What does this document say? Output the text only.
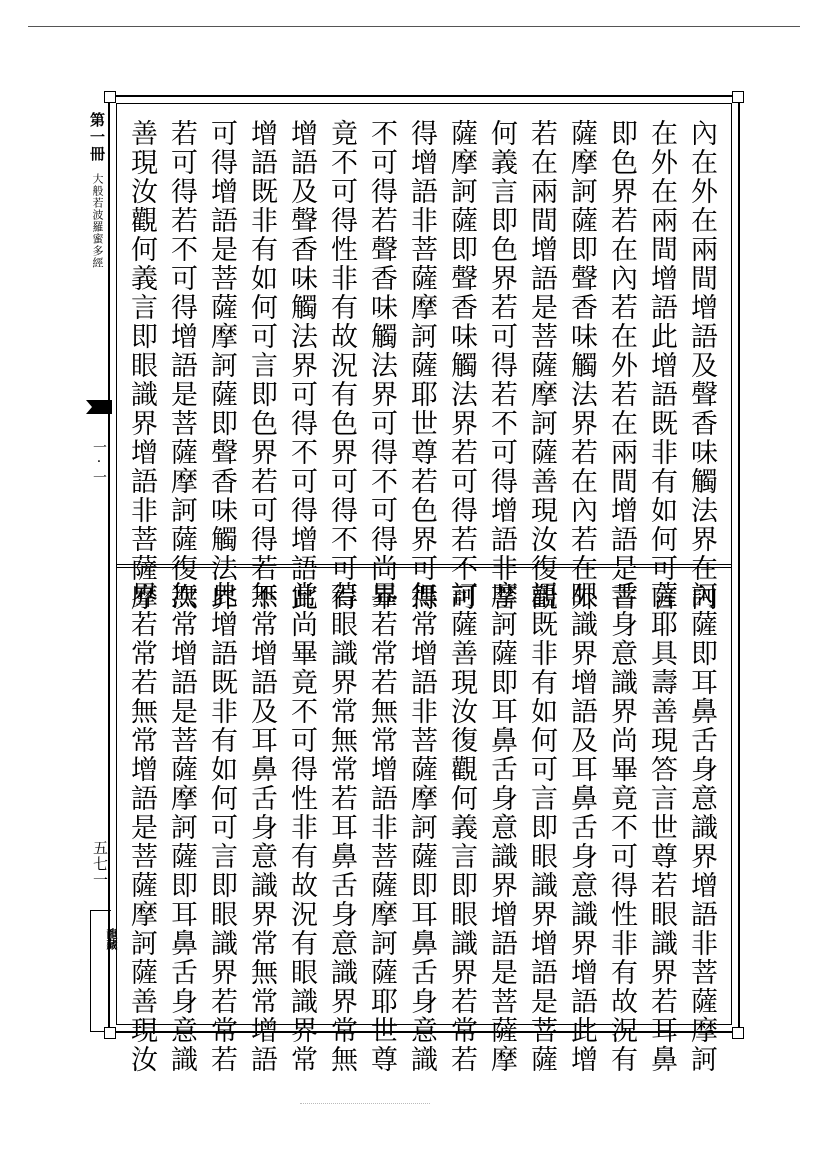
第一冊
大般若波羅蜜多經
一·一
五七一
龍藏
內在外在兩間增語及聲香味觸法界在內
在外在兩間增語此增語既非有如何可言
即色界若在內若在外若在兩間增語是菩
薩摩訶薩即聲香味觸法界若在內若在外
若在兩間增語是菩薩摩訶薩善現汝復觀
何義言即色界若可得若不可得增語非菩
薩摩訶薩即聲香味觸法界若可得若不可
得增語非菩薩摩訶薩耶世尊若色界可得
不可得若聲香味觸法界可得不可得尚畢
竟不可得性非有故況有色界可得不可得
增語及聲香味觸法界可得不可得增語此
增語既非有如何可言即色界若可得若不
可得增語是菩薩摩訶薩即聲香味觸法界
若可得若不可得增語是菩薩摩訶薩復次
善現汝觀何義言即眼識界增語非菩薩摩
訶薩即耳鼻舌身意識界增語非菩薩摩訶
薩耶具壽善現答言世尊若眼識界若耳鼻
舌身意識界尚畢竟不可得性非有故況有
眼識界增語及耳鼻舌身意識界增語此增
語既非有如何可言即眼識界增語是菩薩
摩訶薩即耳鼻舌身意識界增語是菩薩摩
訶薩善現汝復觀何義言即眼識界若常若
無常增語非菩薩摩訶薩即耳鼻舌身意識
界若常若無常增語非菩薩摩訶薩耶世尊
若眼識界常無常若耳鼻舌身意識界常無
常尚畢竟不可得性非有故況有眼識界常
無常增語及耳鼻舌身意識界常無常增語
此增語既非有如何可言即眼識界若常若
無常增語是菩薩摩訶薩即耳鼻舌身意識
界若常若無常增語是菩薩摩訶薩善現汝
